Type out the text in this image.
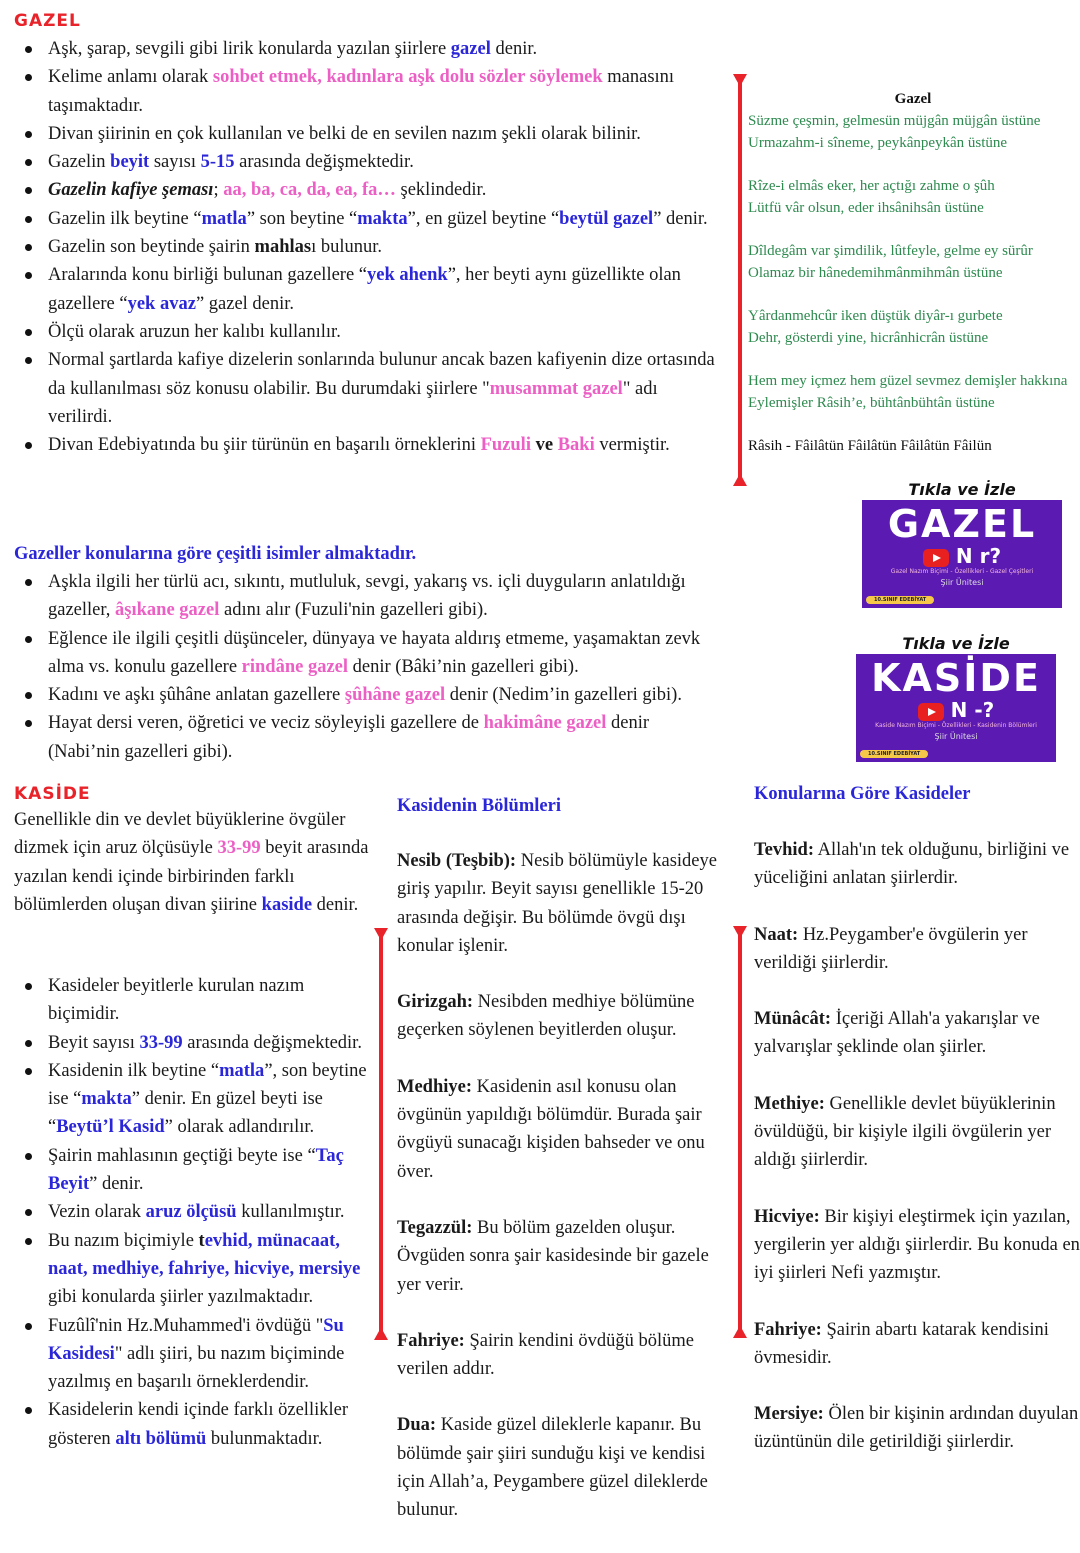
GAZEL
Aşk, şarap, sevgili gibi lirik konularda yazılan şiirlere gazel denir.
Kelime anlamı olarak sohbet etmek, kadınlara aşk dolu sözler söylemek manasını taşımaktadır.
Divan şiirinin en çok kullanılan ve belki de en sevilen nazım şekli olarak bilinir.
Gazelin beyit sayısı 5-15 arasında değişmektedir.
Gazelin kafiye şeması; aa, ba, ca, da, ea, fa… şeklindedir.
Gazelin ilk beytine “matla” son beytine “makta”, en güzel beytine “beytül gazel” denir.
Gazelin son beytinde şairin mahlası bulunur.
Aralarında konu birliği bulunan gazellere “yek ahenk”, her beyti aynı güzellikte olan gazellere “yek avaz” gazel denir.
Ölçü olarak aruzun her kalıbı kullanılır.
Normal şartlarda kafiye dizelerin sonlarında bulunur ancak bazen kafiyenin dize ortasında da kullanılması söz konusu olabilir. Bu durumdaki şiirlere "musammat gazel" adı verilirdi.
Divan Edebiyatında bu şiir türünün en başarılı örneklerini Fuzuli ve Baki vermiştir.
Gazeller konularına göre çeşitli isimler almaktadır.
Aşkla ilgili her türlü acı, sıkıntı, mutluluk, sevgi, yakarış vs. içli duyguların anlatıldığı gazeller, âşıkane gazel adını alır (Fuzuli'nin gazelleri gibi).
Eğlence ile ilgili çeşitli düşünceler, dünyaya ve hayata aldırış etmeme, yaşamaktan zevk alma vs. konulu gazellere rindâne gazel denir (Bâki’nin gazelleri gibi).
Kadını ve aşkı şûhâne anlatan gazellere şûhâne gazel denir (Nedim’in gazelleri gibi).
Hayat dersi veren, öğretici ve veciz söyleyişli gazellere de hakimâne gazel denir (Nabi’nin gazelleri gibi).
Gazel

Süzme çeşmin, gelmesün müjgân müjgân üstüne
Urmazahm-i sîneme, peykânpeykân üstüne

Rîze-i elmâs eker, her açtığı zahme o şûh
Lütfü vâr olsun, eder ihsânihsân üstüne

Dîldegâm var şimdilik, lûtfeyle, gelme ey sürûr
Olamaz bir hânedemihmânmihmân üstüne

Yârdanmehcûr iken düştük diyâr-ı gurbete
Dehr, gösterdi yine, hicrânhicrân üstüne

Hem mey içmez hem güzel sevmez demişler hakkına
Eylemişler Râsih’e, bühtânbühtân üstüne

Râsih - Fâilâtün Fâilâtün Fâilâtün Fâilün
Tıkla ve İzle
GAZEL
N r?
Gazel Nazım Biçimi - Özellikleri - Gazel Çeşitleri
Şiir Ünitesi
10.SINIF EDEBİYAT
Tıkla ve İzle
KASİDE
N -?
Kaside Nazım Biçimi - Özellikleri - Kasidenin Bölümleri
Şiir Ünitesi
10.SINIF EDEBİYAT
KASİDE
Genellikle din ve devlet büyüklerine övgüler dizmek için aruz ölçüsüyle 33-99 beyit arasında yazılan kendi içinde birbirinden farklı bölümlerden oluşan divan şiirine kaside denir.
Kasideler beyitlerle kurulan nazım biçimidir.
Beyit sayısı 33-99 arasında değişmektedir.
Kasidenin ilk beytine “matla”, son beytine ise “makta” denir. En güzel beyti ise “Beytü’l Kasid” olarak adlandırılır.
Şairin mahlasının geçtiği beyte ise “Taç Beyit” denir.
Vezin olarak aruz ölçüsü kullanılmıştır.
Bu nazım biçimiyle tevhid, münacaat, naat, medhiye, fahriye, hicviye, mersiye gibi konularda şiirler yazılmaktadır.
Fuzûlî'nin Hz.Muhammed'i övdüğü "Su Kasidesi" adlı şiiri, bu nazım biçiminde yazılmış en başarılı örneklerdendir.
Kasidelerin kendi içinde farklı özellikler gösteren altı bölümü bulunmaktadır.
Kasidenin Bölümleri

Nesib (Teşbib): Nesib bölümüyle kasideye giriş yapılır. Beyit sayısı genellikle 15-20 arasında değişir. Bu bölümde övgü dışı konular işlenir.

Girizgah: Nesibden medhiye bölümüne geçerken söylenen beyitlerden oluşur.

Medhiye: Kasidenin asıl konusu olan övgünün yapıldığı bölümdür. Burada şair övgüyü sunacağı kişiden bahseder ve onu över.

Tegazzül: Bu bölüm gazelden oluşur. Övgüden sonra şair kasidesinde bir gazele yer verir.

Fahriye: Şairin kendini övdüğü bölüme verilen addır.

Dua: Kaside güzel dileklerle kapanır. Bu bölümde şair şiiri sunduğu kişi ve kendisi için Allah’a, Peygambere güzel dileklerde bulunur.

Konularına Göre Kasideler

Tevhid: Allah'ın tek olduğunu, birliğini ve yüceliğini anlatan şiirlerdir.

Naat: Hz.Peygamber'e övgülerin yer verildiği şiirlerdir.

Münâcât: İçeriği Allah'a yakarışlar ve yalvarışlar şeklinde olan şiirler.

Methiye: Genellikle devlet büyüklerinin övüldüğü, bir kişiyle ilgili övgülerin yer aldığı şiirlerdir.

Hicviye: Bir kişiyi eleştirmek için yazılan, yergilerin yer aldığı şiirlerdir. Bu konuda en iyi şiirleri Nefi yazmıştır.

Fahriye: Şairin abartı katarak kendisini övmesidir.

Mersiye: Ölen bir kişinin ardından duyulan üzüntünün dile getirildiği şiirlerdir.
